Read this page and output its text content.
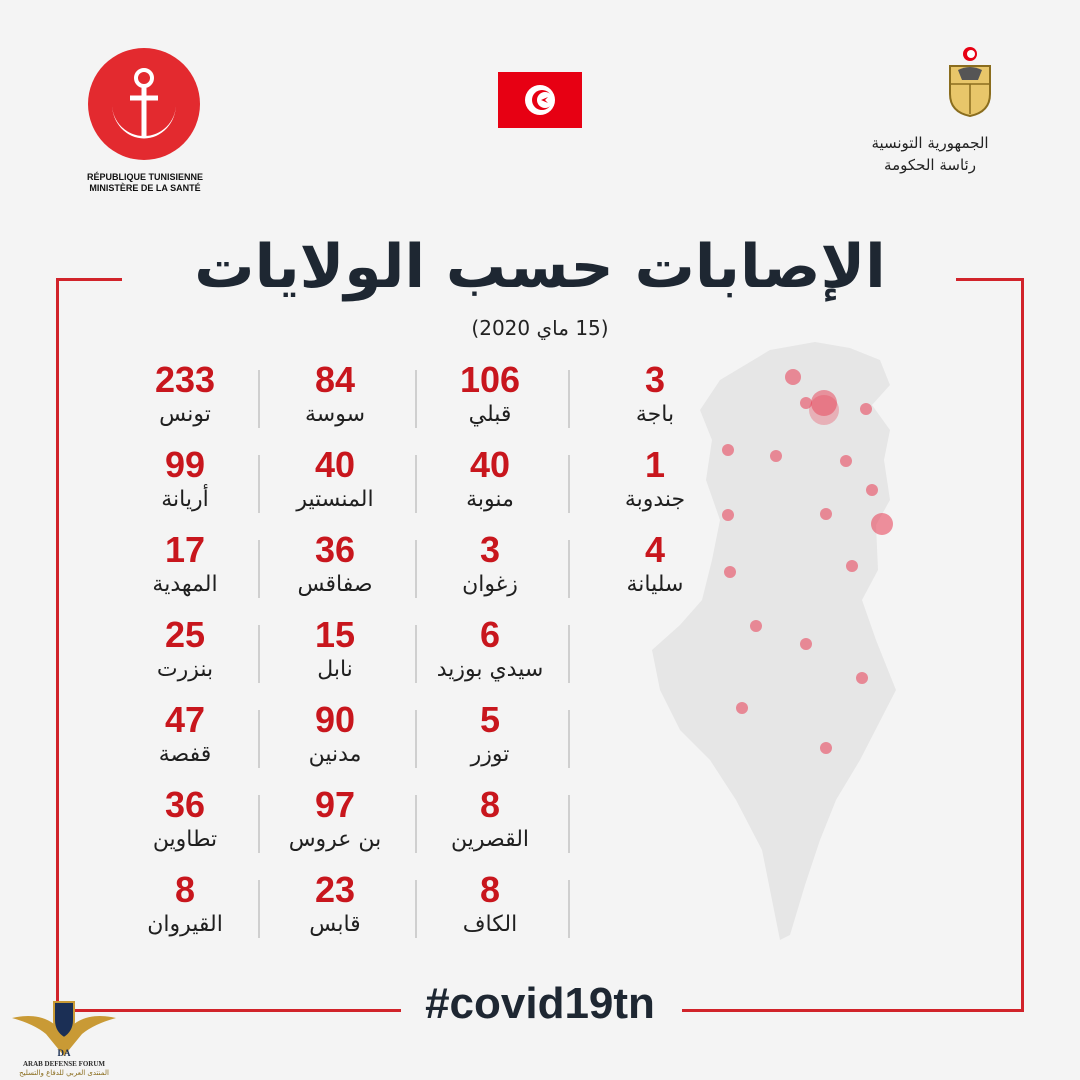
RÉPUBLIQUE TUNISIENNE
MINISTÈRE DE LA SANTÉ
الجمهورية التونسية
رئاسة الحكومة
الإصابات حسب الولايات
(15 ماي 2020)
233
تونس
99
أريانة
17
المهدية
25
بنزرت
47
قفصة
36
تطاوين
8
القيروان
84
سوسة
40
المنستير
36
صفاقس
15
نابل
90
مدنين
97
بن عروس
23
قابس
106
قبلي
40
منوبة
3
زغوان
6
سيدي بوزيد
5
توزر
8
القصرين
8
الكاف
3
باجة
1
جندوبة
4
سليانة
#covid19tn
DA
ARAB DEFENSE FORUM
المنتدى العربي للدفاع والتسليح
